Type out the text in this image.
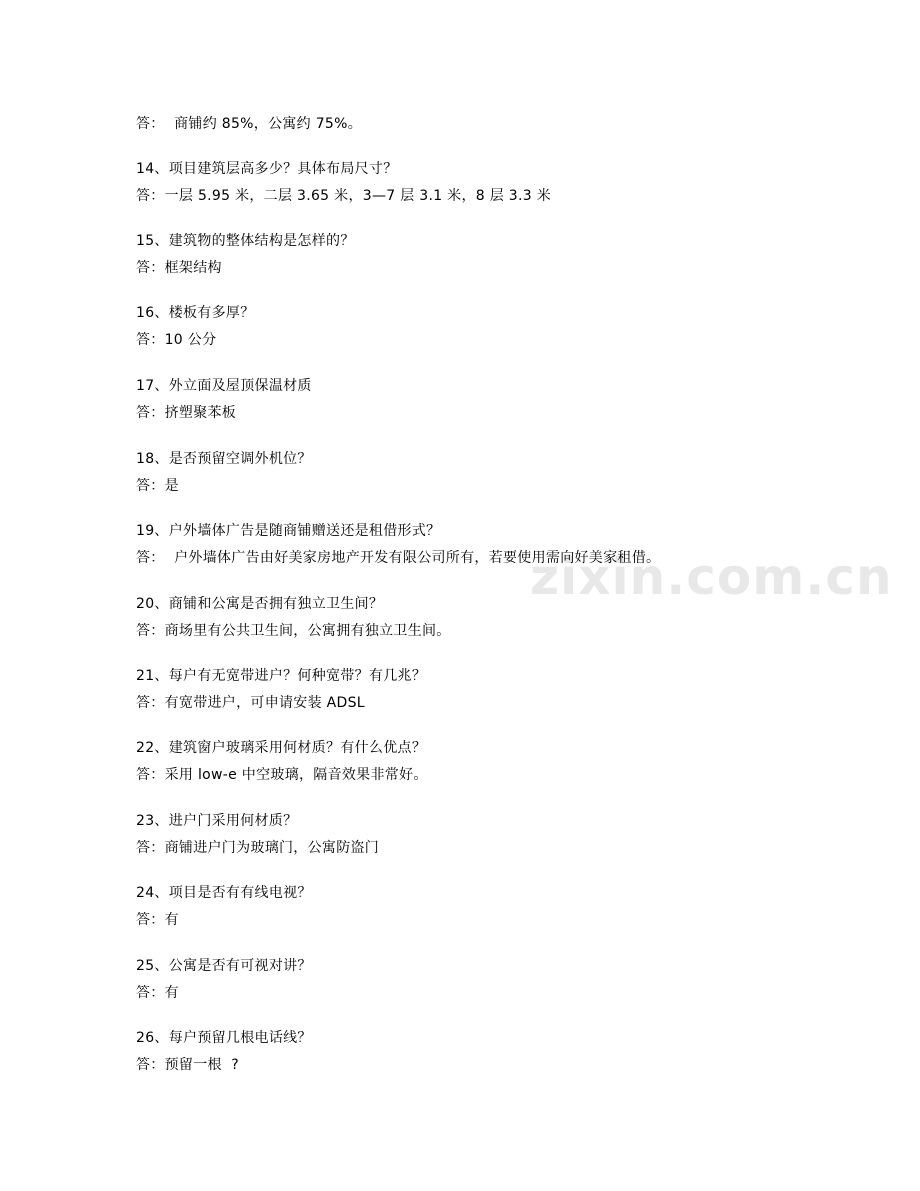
zixin.com.cn
答：  商铺约 85%，公寓约 75%。
14、项目建筑层高多少？具体布局尺寸？
答：一层 5.95 米，二层 3.65 米，3—7 层 3.1 米，8 层 3.3 米
15、建筑物的整体结构是怎样的？
答：框架结构
16、楼板有多厚？
答：10 公分
17、外立面及屋顶保温材质
答：挤塑聚苯板
18、是否预留空调外机位？
答：是
19、户外墙体广告是随商铺赠送还是租借形式？
答：  户外墙体广告由好美家房地产开发有限公司所有，若要使用需向好美家租借。
20、商铺和公寓是否拥有独立卫生间？
答：商场里有公共卫生间，公寓拥有独立卫生间。
21、每户有无宽带进户？何种宽带？有几兆？
答：有宽带进户，可申请安装 ADSL
22、建筑窗户玻璃采用何材质？有什么优点？
答：采用 low-e 中空玻璃，隔音效果非常好。
23、进户门采用何材质？
答：商铺进户门为玻璃门，公寓防盗门
24、项目是否有有线电视？
答：有
25、公寓是否有可视对讲？
答：有
26、每户预留几根电话线？
答：预留一根  ?
